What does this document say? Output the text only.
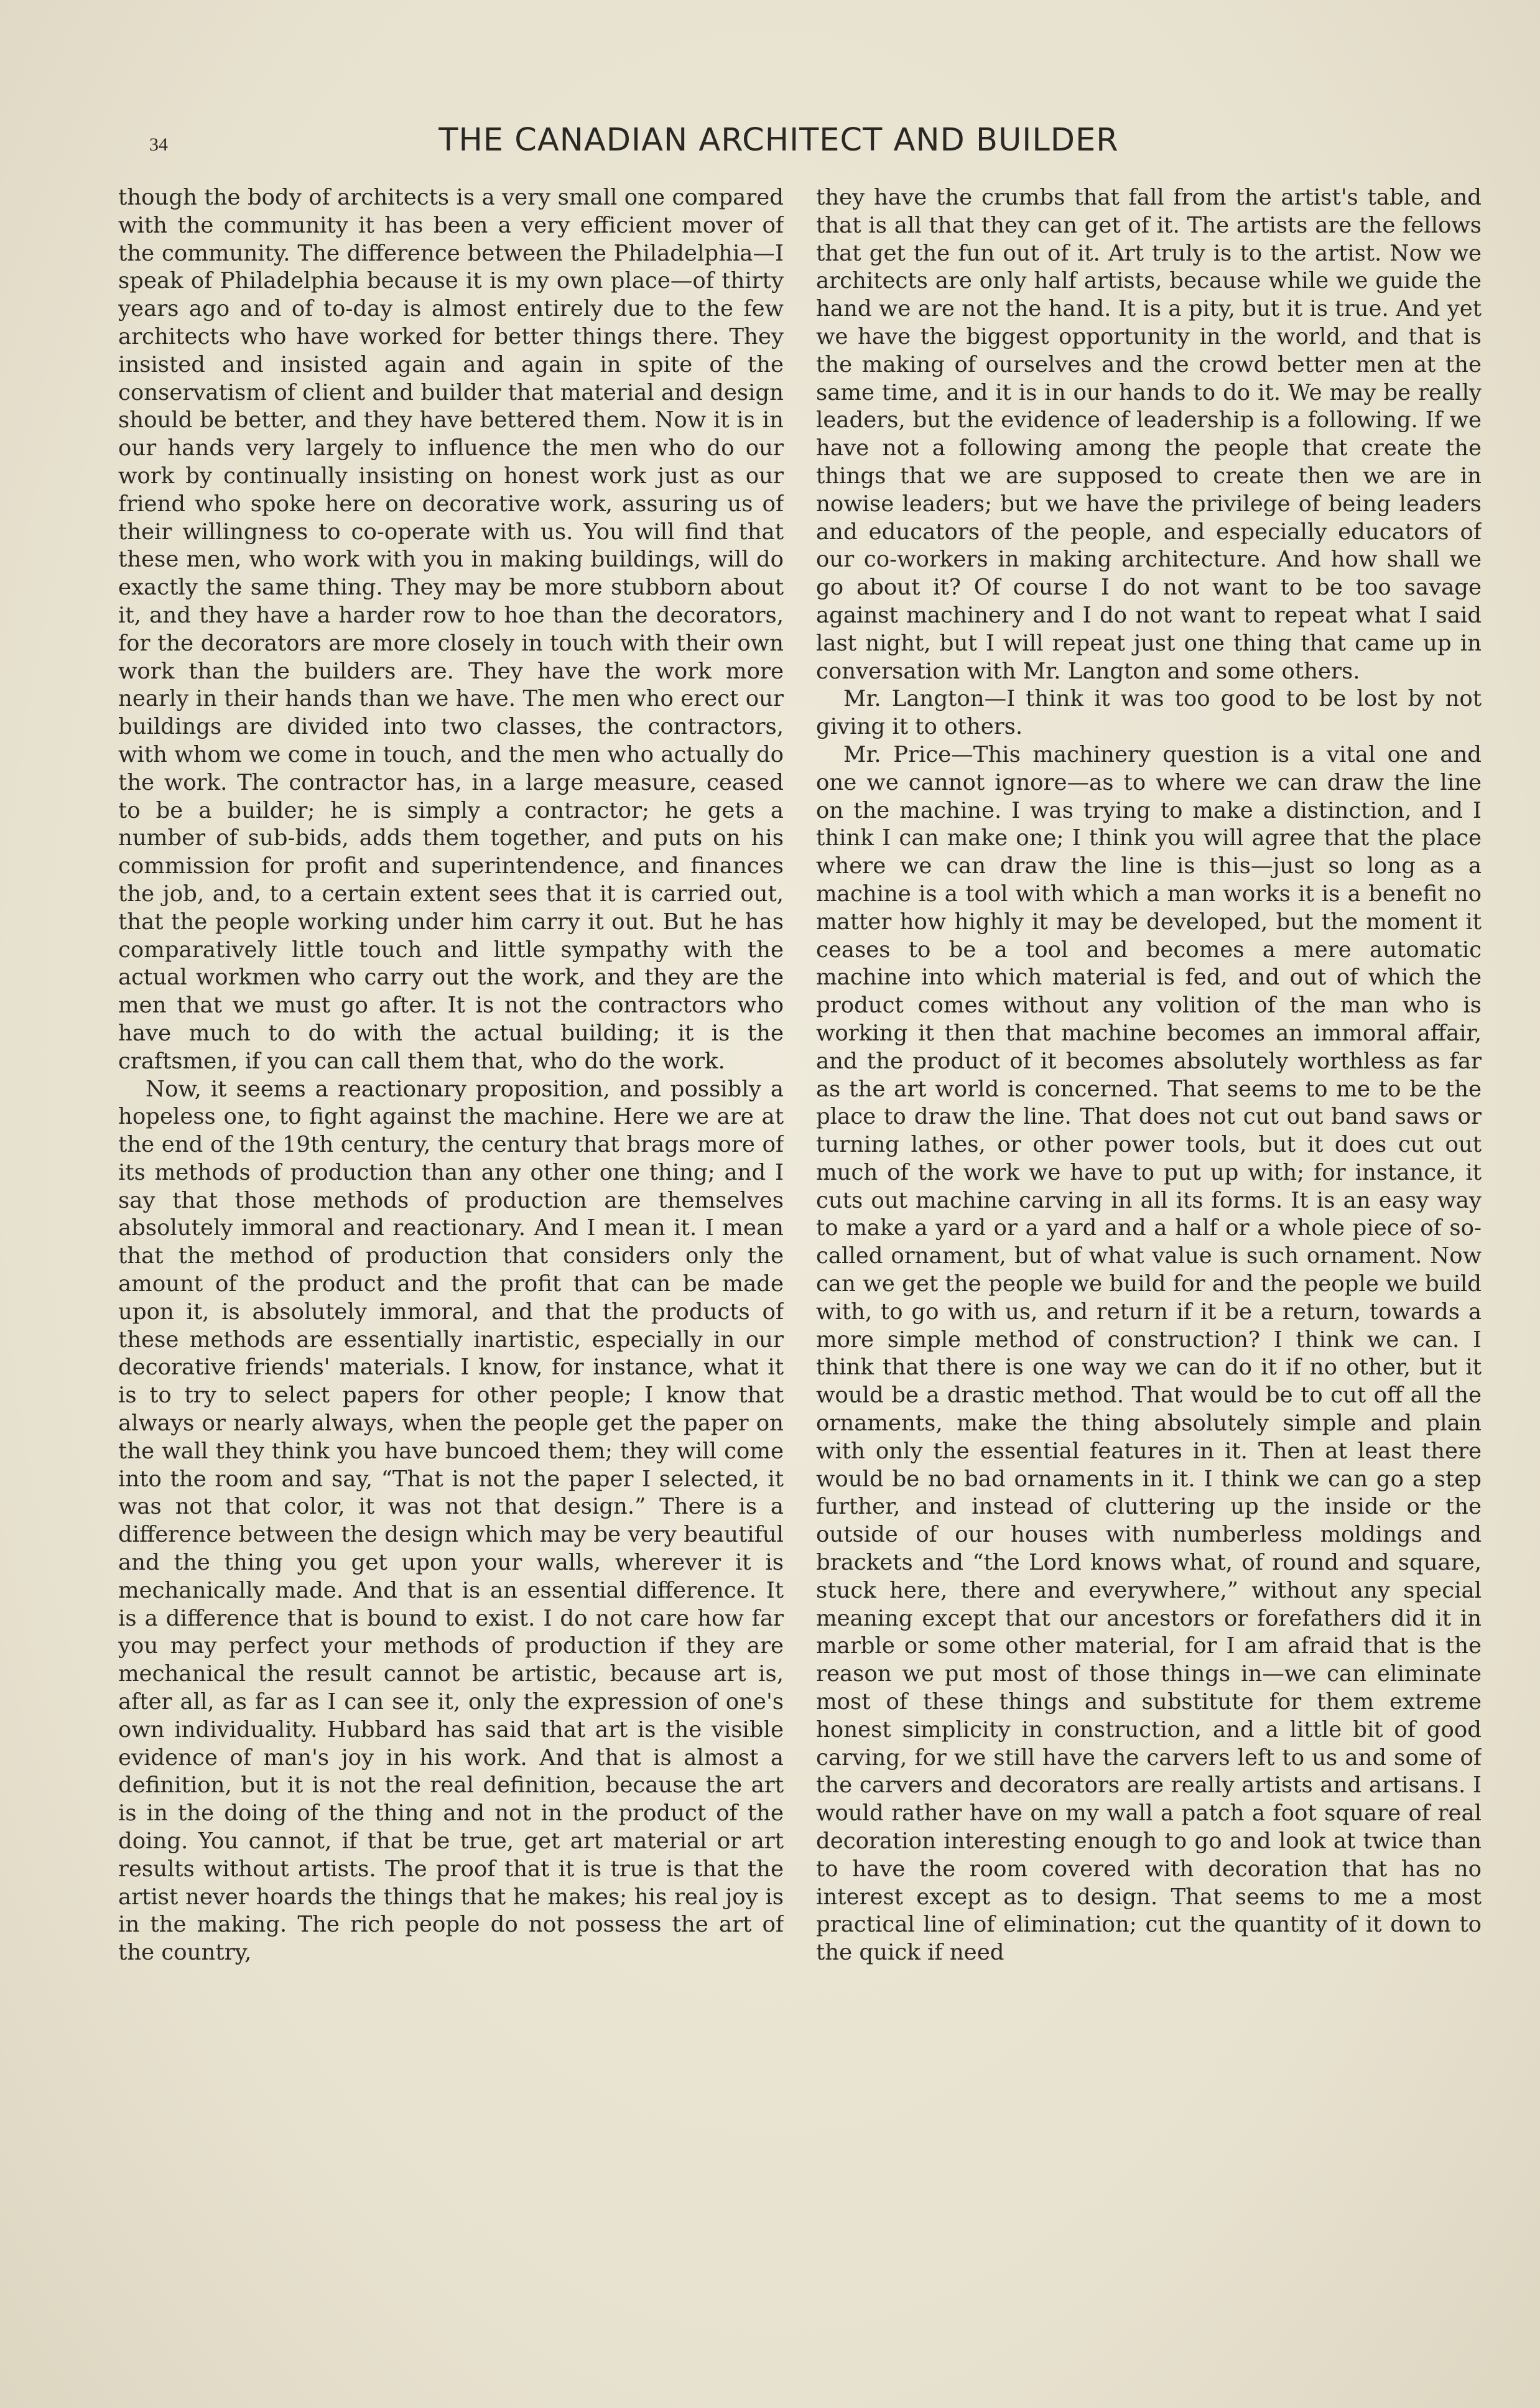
34	THE CANADIAN ARCHITECT AND BUILDER

though the body of architects is a very small one compared with the community it has been a very efficient mover of the community. The difference between the Philadelphia—I speak of Philadelphia because it is my own place—of thirty years ago and of to-day is almost entirely due to the few architects who have worked for better things there. They insisted and insisted again and again in spite of the conservatism of client and builder that material and design should be better, and they have bettered them. Now it is in our hands very largely to influence the men who do our work by continually insisting on honest work just as our friend who spoke here on decorative work, assuring us of their willingness to co-operate with us. You will find that these men, who work with you in making buildings, will do exactly the same thing. They may be more stubborn about it, and they have a harder row to hoe than the decorators, for the decorators are more closely in touch with their own work than the builders are. They have the work more nearly in their hands than we have. The men who erect our buildings are divided into two classes, the contractors, with whom we come in touch, and the men who actually do the work. The contractor has, in a large measure, ceased to be a builder; he is simply a contractor; he gets a number of sub-bids, adds them together, and puts on his commission for profit and superintendence, and finances the job, and, to a certain extent sees that it is carried out, that the people working under him carry it out. But he has comparatively little touch and little sympathy with the actual workmen who carry out the work, and they are the men that we must go after. It is not the contractors who have much to do with the actual building; it is the craftsmen, if you can call them that, who do the work.

Now, it seems a reactionary proposition, and possibly a hopeless one, to fight against the machine. Here we are at the end of the 19th century, the century that brags more of its methods of production than any other one thing; and I say that those methods of production are themselves absolutely immoral and reactionary. And I mean it. I mean that the method of production that considers only the amount of the product and the profit that can be made upon it, is absolutely immoral, and that the products of these methods are essentially inartistic, especially in our decorative friends' materials. I know, for instance, what it is to try to select papers for other people; I know that always or nearly always, when the people get the paper on the wall they think you have buncoed them; they will come into the room and say, “That is not the paper I selected, it was not that color, it was not that design.” There is a difference between the design which may be very beautiful and the thing you get upon your walls, wherever it is mechanically made. And that is an essential difference. It is a difference that is bound to exist. I do not care how far you may perfect your methods of production if they are mechanical the result cannot be artistic, because art is, after all, as far as I can see it, only the expression of one's own individuality. Hubbard has said that art is the visible evidence of man's joy in his work. And that is almost a definition, but it is not the real definition, because the art is in the doing of the thing and not in the product of the doing. You cannot, if that be true, get art material or art results without artists. The proof that it is true is that the artist never hoards the things that he makes; his real joy is in the making. The rich people do not possess the art of the country,

they have the crumbs that fall from the artist's table, and that is all that they can get of it. The artists are the fellows that get the fun out of it. Art truly is to the artist. Now we architects are only half artists, because while we guide the hand we are not the hand. It is a pity, but it is true. And yet we have the biggest opportunity in the world, and that is the making of ourselves and the crowd better men at the same time, and it is in our hands to do it. We may be really leaders, but the evidence of leadership is a following. If we have not a following among the people that create the things that we are supposed to create then we are in nowise leaders; but we have the privilege of being leaders and educators of the people, and especially educators of our co-workers in making architecture. And how shall we go about it? Of course I do not want to be too savage against machinery and I do not want to repeat what I said last night, but I will repeat just one thing that came up in conversation with Mr. Langton and some others.

Mr. Langton—I think it was too good to be lost by not giving it to others.

Mr. Price—This machinery question is a vital one and one we cannot ignore—as to where we can draw the line on the machine. I was trying to make a distinction, and I think I can make one; I think you will agree that the place where we can draw the line is this—just so long as a machine is a tool with which a man works it is a benefit no matter how highly it may be developed, but the moment it ceases to be a tool and becomes a mere automatic machine into which material is fed, and out of which the product comes without any volition of the man who is working it then that machine becomes an immoral affair, and the product of it becomes absolutely worthless as far as the art world is concerned. That seems to me to be the place to draw the line. That does not cut out band saws or turning lathes, or other power tools, but it does cut out much of the work we have to put up with; for instance, it cuts out machine carving in all its forms. It is an easy way to make a yard or a yard and a half or a whole piece of so-called ornament, but of what value is such ornament. Now can we get the people we build for and the people we build with, to go with us, and return if it be a return, towards a more simple method of construction? I think we can. I think that there is one way we can do it if no other, but it would be a drastic method. That would be to cut off all the ornaments, make the thing absolutely simple and plain with only the essential features in it. Then at least there would be no bad ornaments in it. I think we can go a step further, and instead of cluttering up the inside or the outside of our houses with numberless moldings and brackets and “the Lord knows what, of round and square, stuck here, there and everywhere,” without any special meaning except that our ancestors or forefathers did it in marble or some other material, for I am afraid that is the reason we put most of those things in—we can eliminate most of these things and substitute for them extreme honest simplicity in construction, and a little bit of good carving, for we still have the carvers left to us and some of the carvers and decorators are really artists and artisans. I would rather have on my wall a patch a foot square of real decoration interesting enough to go and look at twice than to have the room covered with decoration that has no interest except as to design. That seems to me a most practical line of elimination; cut the quantity of it down to the quick if need
